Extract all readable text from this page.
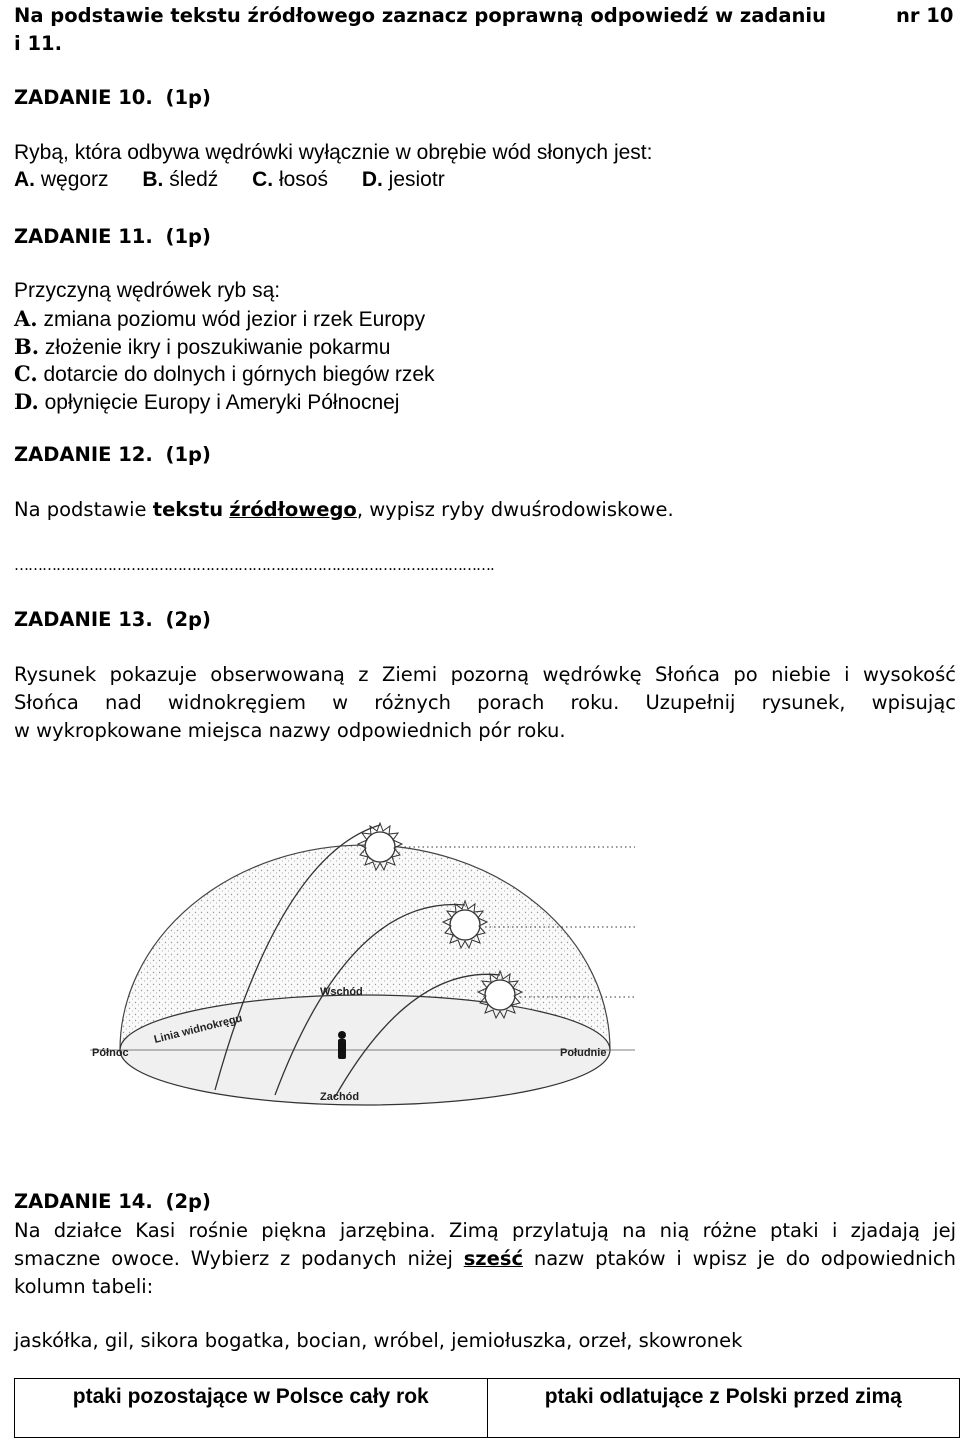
Na podstawie tekstu źródłowego zaznacz poprawną odpowiedź w zadaniu	nr 10
i 11.
ZADANIE 10. (1p)
Rybą, która odbywa wędrówki wyłącznie w obrębie wód słonych jest:
A. węgorz B. śledź C. łosoś D. jesiotr
ZADANIE 11. (1p)
Przyczyną wędrówek ryb są:
A. zmiana poziomu wód jezior i rzek Europy
B. złożenie ikry i poszukiwanie pokarmu
C. dotarcie do dolnych i górnych biegów rzek
D. opłynięcie Europy i Ameryki Północnej
ZADANIE 12. (1p)
Na podstawie tekstu źródłowego, wypisz ryby dwuśrodowiskowe.
………………………………………………………………………………………….
ZADANIE 13. (2p)
Rysunek pokazuje obserwowaną z Ziemi pozorną wędrówkę Słońca po niebie i wysokość
Słońca nad widnokręgiem w różnych porach roku. Uzupełnij rysunek, wpisując
w wykropkowane miejsca nazwy odpowiednich pór roku.
Wschód
Zachód
Północ	Południe
Linia widnokręgu
ZADANIE 14. (2p)
Na działce Kasi rośnie piękna jarzębina. Zimą przylatują na nią różne ptaki i zjadają jej
smaczne owoce. Wybierz z podanych niżej sześć nazw ptaków i wpisz je do odpowiednich
kolumn tabeli:
jaskółka, gil, sikora bogatka, bocian, wróbel, jemiołuszka, orzeł, skowronek
ptaki pozostające w Polsce cały rok	ptaki odlatujące z Polski przed zimą
